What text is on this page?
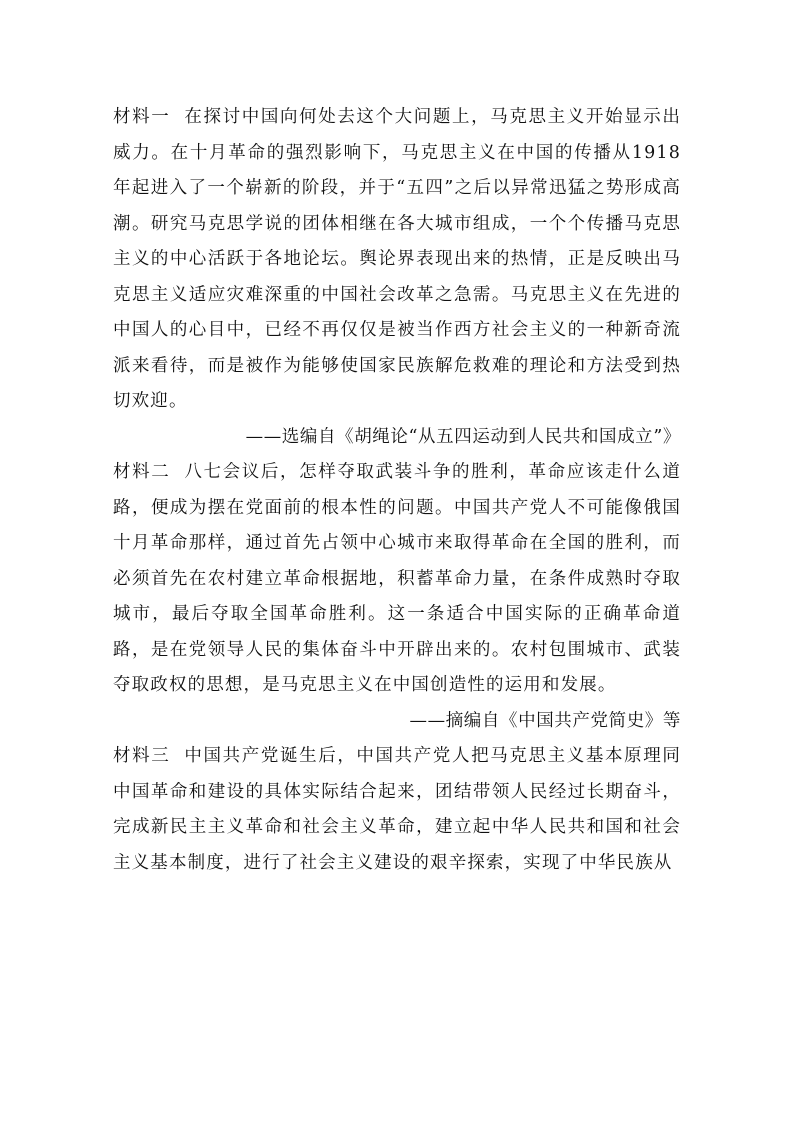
材料一 在探讨中国向何处去这个大问题上，马克思主义开始显示出威力。在十月革命的强烈影响下，马克思主义在中国的传播从1918年起进入了一个崭新的阶段，并于“五四”之后以异常迅猛之势形成高潮。研究马克思学说的团体相继在各大城市组成，一个个传播马克思主义的中心活跃于各地论坛。舆论界表现出来的热情，正是反映出马克思主义适应灾难深重的中国社会改革之急需。马克思主义在先进的中国人的心目中，已经不再仅仅是被当作西方社会主义的一种新奇流派来看待，而是被作为能够使国家民族解危救难的理论和方法受到热切欢迎。

——选编自《胡绳论“从五四运动到人民共和国成立”》

材料二 八七会议后，怎样夺取武装斗争的胜利，革命应该走什么道路，便成为摆在党面前的根本性的问题。中国共产党人不可能像俄国十月革命那样，通过首先占领中心城市来取得革命在全国的胜利，而必须首先在农村建立革命根据地，积蓄革命力量，在条件成熟时夺取城市，最后夺取全国革命胜利。这一条适合中国实际的正确革命道路，是在党领导人民的集体奋斗中开辟出来的。农村包围城市、武装夺取政权的思想，是马克思主义在中国创造性的运用和发展。

——摘编自《中国共产党简史》等

材料三 中国共产党诞生后，中国共产党人把马克思主义基本原理同中国革命和建设的具体实际结合起来，团结带领人民经过长期奋斗，完成新民主主义革命和社会主义革命，建立起中华人民共和国和社会主义基本制度，进行了社会主义建设的艰辛探索，实现了中华民族从
